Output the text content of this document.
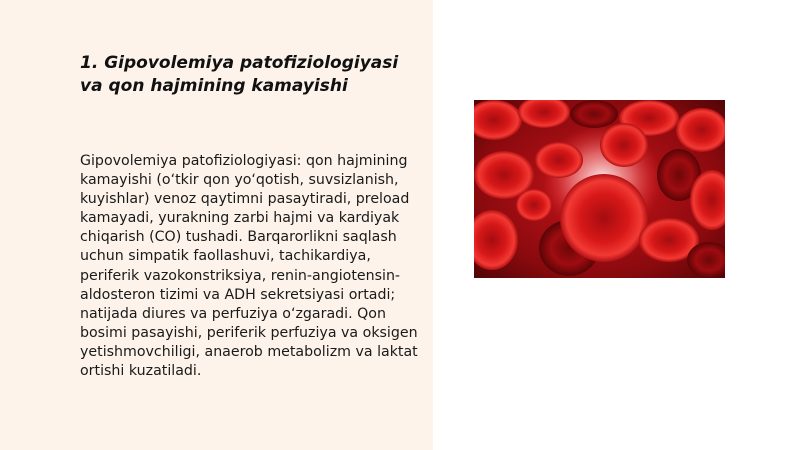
1. Gipovolemiya patofiziologiyasi va qon hajmining kamayishi

Gipovolemiya patofiziologiyasi: qon hajmining kamayishi (o‘tkir qon yo‘qotish, suvsizlanish, kuyishlar) venoz qaytimni pasaytiradi, preload kamayadi, yurakning zarbi hajmi va kardiyak chiqarish (CO) tushadi. Barqarorlikni saqlash uchun simpatik faollashuvi, tachikardiya, periferik vazokonstriksiya, renin-angiotensin-aldosteron tizimi va ADH sekretsiyasi ortadi; natijada diures va perfuziya o‘zgaradi. Qon bosimi pasayishi, periferik perfuziya va oksigen yetishmovchiligi, anaerob metabolizm va laktat ortishi kuzatiladi.
